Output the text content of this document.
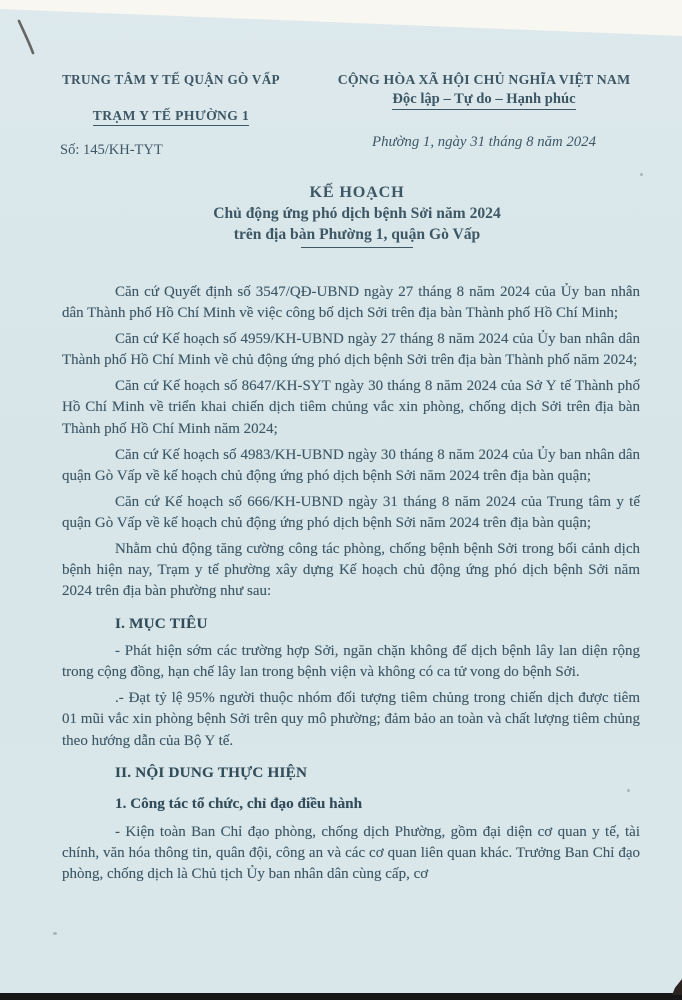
TRUNG TÂM Y TẾ QUẬN GÒ VẤP

TRẠM Y TẾ PHƯỜNG 1
Số: 145/KH-TYT
CỘNG HÒA XÃ HỘI CHỦ NGHĨA VIỆT NAM
Độc lập – Tự do – Hạnh phúc
Phường 1, ngày 31 tháng 8 năm 2024
KẾ HOẠCH
Chủ động ứng phó dịch bệnh Sởi năm 2024
trên địa bàn Phường 1, quận Gò Vấp

Căn cứ Quyết định số 3547/QĐ-UBND ngày 27 tháng 8 năm 2024 của Ủy ban nhân dân Thành phố Hồ Chí Minh về việc công bố dịch Sởi trên địa bàn Thành phố Hồ Chí Minh;

Căn cứ Kế hoạch số 4959/KH-UBND ngày 27 tháng 8 năm 2024 của Ủy ban nhân dân Thành phố Hồ Chí Minh về chủ động ứng phó dịch bệnh Sởi trên địa bàn Thành phố năm 2024;

Căn cứ Kế hoạch số 8647/KH-SYT ngày 30 tháng 8 năm 2024 của Sở Y tế Thành phố Hồ Chí Minh về triển khai chiến dịch tiêm chủng vắc xin phòng, chống dịch Sởi trên địa bàn Thành phố Hồ Chí Minh năm 2024;

Căn cứ Kế hoạch số 4983/KH-UBND ngày 30 tháng 8 năm 2024 của Ủy ban nhân dân quận Gò Vấp về kế hoạch chủ động ứng phó dịch bệnh Sởi năm 2024 trên địa bàn quận;

Căn cứ Kế hoạch số 666/KH-UBND ngày 31 tháng 8 năm 2024 của Trung tâm y tế quận Gò Vấp về kế hoạch chủ động ứng phó dịch bệnh Sởi năm 2024 trên địa bàn quận;

Nhằm chủ động tăng cường công tác phòng, chống bệnh bệnh Sởi trong bối cảnh dịch bệnh hiện nay, Trạm y tế phường xây dựng Kế hoạch chủ động ứng phó dịch bệnh Sởi năm 2024 trên địa bàn phường như sau:

I. MỤC TIÊU

- Phát hiện sớm các trường hợp Sởi, ngăn chặn không để dịch bệnh lây lan diện rộng trong cộng đồng, hạn chế lây lan trong bệnh viện và không có ca tử vong do bệnh Sởi.

.- Đạt tỷ lệ 95% người thuộc nhóm đối tượng tiêm chủng trong chiến dịch được tiêm 01 mũi vắc xin phòng bệnh Sởi trên quy mô phường; đảm bảo an toàn và chất lượng tiêm chủng theo hướng dẫn của Bộ Y tế.

II. NỘI DUNG THỰC HIỆN
1. Công tác tổ chức, chỉ đạo điều hành

- Kiện toàn Ban Chỉ đạo phòng, chống dịch Phường, gồm đại diện cơ quan y tế, tài chính, văn hóa thông tin, quân đội, công an và các cơ quan liên quan khác. Trưởng Ban Chỉ đạo phòng, chống dịch là Chủ tịch Ủy ban nhân dân cùng cấp, cơ
